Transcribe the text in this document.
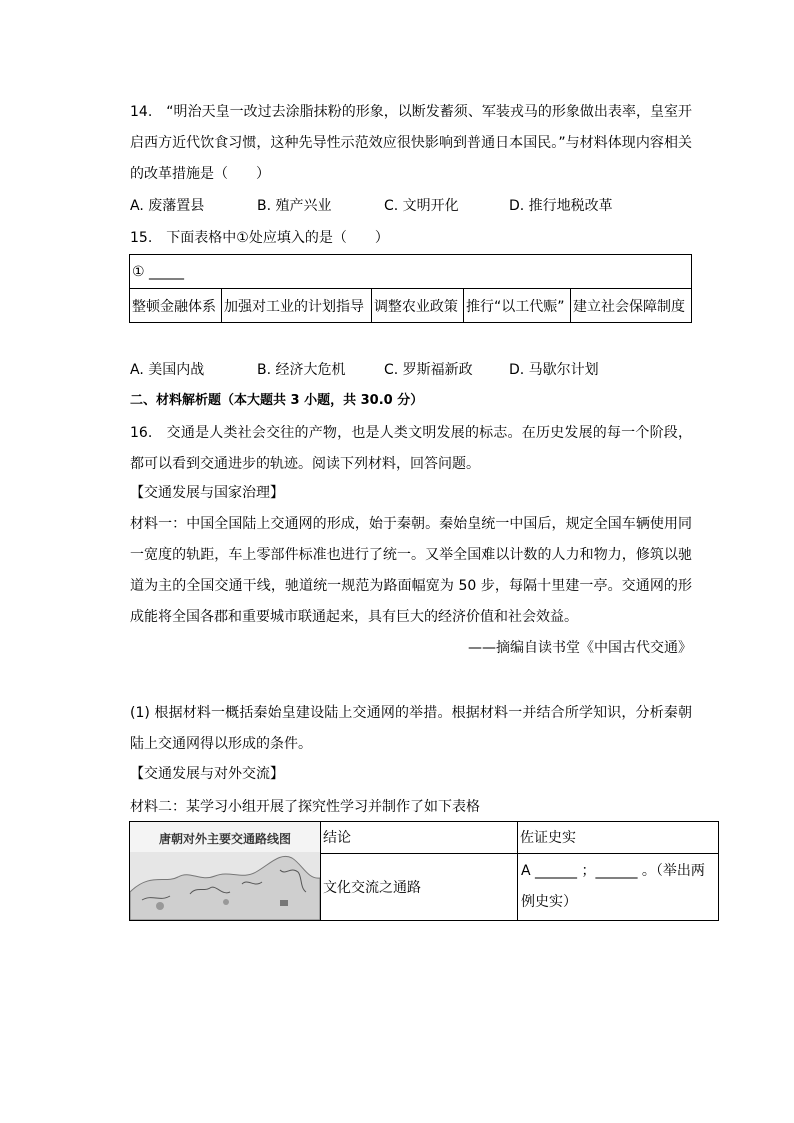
14.　“明治天皇一改过去涂脂抹粉的形象，以断发蓄须、军装戎马的形象做出表率，皇室开启西方近代饮食习惯，这种先导性示范效应很快影响到普通日本国民。”与材料体现内容相关的改革措施是（　　）
A. 废藩置县	B. 殖产兴业	C. 文明开化	D. 推行地税改革
15.　下面表格中①处应填入的是（　　）
① _____
整顿金融体系	加强对工业的计划指导	调整农业政策	推行“以工代赈”	建立社会保障制度
A. 美国内战	B. 经济大危机	C. 罗斯福新政	D. 马歇尔计划
二、材料解析题（本大题共 3 小题，共 30.0 分）
16.　交通是人类社会交往的产物，也是人类文明发展的标志。在历史发展的每一个阶段，都可以看到交通进步的轨迹。阅读下列材料，回答问题。
【交通发展与国家治理】
材料一：中国全国陆上交通网的形成，始于秦朝。秦始皇统一中国后，规定全国车辆使用同一宽度的轨距，车上零部件标准也进行了统一。又举全国难以计数的人力和物力，修筑以驰道为主的全国交通干线，驰道统一规范为路面幅宽为 50 步，每隔十里建一亭。交通网的形成能将全国各郡和重要城市联通起来，具有巨大的经济价值和社会效益。
——摘编自读书堂《中国古代交通》
(1) 根据材料一概括秦始皇建设陆上交通网的举措。根据材料一并结合所学知识，分析秦朝陆上交通网得以形成的条件。
【交通发展与对外交流】
材料二：某学习小组开展了探究性学习并制作了如下表格
唐朝对外主要交通路线图	结论	佐证史实
	文化交流之通路	A ______ ；______ 。（举出两例史实）
